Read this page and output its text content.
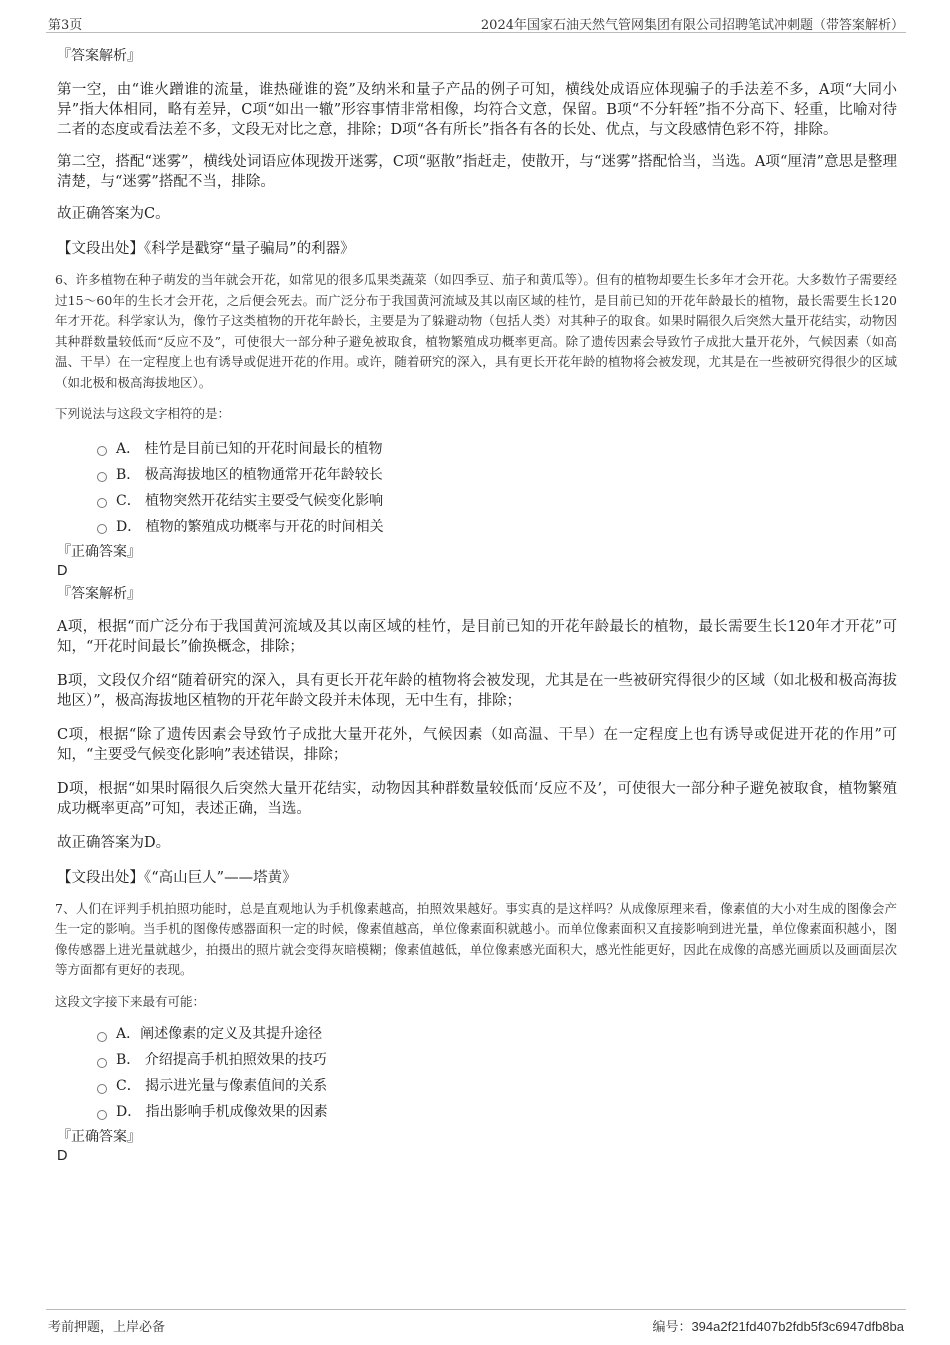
第3页	2024年国家石油天然气管网集团有限公司招聘笔试冲刺题（带答案解析）

『答案解析』

第一空，由“谁火蹭谁的流量，谁热碰谁的瓷”及纳米和量子产品的例子可知，横线处成语应体现骗子的手法差不多，A项“大同小异”指大体相同，略有差异，C项“如出一辙”形容事情非常相像，均符合文意，保留。B项“不分轩轾”指不分高下、轻重，比喻对待二者的态度或看法差不多，文段无对比之意，排除；D项“各有所长”指各有各的长处、优点，与文段感情色彩不符，排除。

第二空，搭配“迷雾”，横线处词语应体现拨开迷雾，C项“驱散”指赶走，使散开，与“迷雾”搭配恰当，当选。A项“厘清”意思是整理清楚，与“迷雾”搭配不当，排除。

故正确答案为C。

【文段出处】《科学是戳穿“量子骗局”的利器》

6、许多植物在种子萌发的当年就会开花，如常见的很多瓜果类蔬菜（如四季豆、茄子和黄瓜等）。但有的植物却要生长多年才会开花。大多数竹子需要经过15～60年的生长才会开花，之后便会死去。而广泛分布于我国黄河流域及其以南区域的桂竹，是目前已知的开花年龄最长的植物，最长需要生长120年才开花。科学家认为，像竹子这类植物的开花年龄长，主要是为了躲避动物（包括人类）对其种子的取食。如果时隔很久后突然大量开花结实，动物因其种群数量较低而“反应不及”，可使很大一部分种子避免被取食，植物繁殖成功概率更高。除了遗传因素会导致竹子成批大量开花外，气候因素（如高温、干旱）在一定程度上也有诱导或促进开花的作用。或许，随着研究的深入，具有更长开花年龄的植物将会被发现，尤其是在一些被研究得很少的区域（如北极和极高海拔地区）。

下列说法与这段文字相符的是：

A． 桂竹是目前已知的开花时间最长的植物
B． 极高海拔地区的植物通常开花年龄较长
C． 植物突然开花结实主要受气候变化影响
D． 植物的繁殖成功概率与开花的时间相关

『正确答案』

D

『答案解析』

A项，根据“而广泛分布于我国黄河流域及其以南区域的桂竹，是目前已知的开花年龄最长的植物，最长需要生长120年才开花”可知，“开花时间最长”偷换概念，排除；

B项，文段仅介绍“随着研究的深入，具有更长开花年龄的植物将会被发现，尤其是在一些被研究得很少的区域（如北极和极高海拔地区）”，极高海拔地区植物的开花年龄文段并未体现，无中生有，排除；

C项，根据“除了遗传因素会导致竹子成批大量开花外，气候因素（如高温、干旱）在一定程度上也有诱导或促进开花的作用”可知，“主要受气候变化影响”表述错误，排除；

D项，根据“如果时隔很久后突然大量开花结实，动物因其种群数量较低而‘反应不及’，可使很大一部分种子避免被取食，植物繁殖成功概率更高”可知，表述正确，当选。

故正确答案为D。

【文段出处】《“高山巨人”——塔黄》

7、人们在评判手机拍照功能时，总是直观地认为手机像素越高，拍照效果越好。事实真的是这样吗？从成像原理来看，像素值的大小对生成的图像会产生一定的影响。当手机的图像传感器面积一定的时候，像素值越高，单位像素面积就越小。而单位像素面积又直接影响到进光量，单位像素面积越小，图像传感器上进光量就越少，拍摄出的照片就会变得灰暗模糊；像素值越低，单位像素感光面积大，感光性能更好，因此在成像的高感光画质以及画面层次等方面都有更好的表现。

这段文字接下来最有可能：

A．阐述像素的定义及其提升途径
B． 介绍提高手机拍照效果的技巧
C． 揭示进光量与像素值间的关系
D． 指出影响手机成像效果的因素

『正确答案』

D

考前押题，上岸必备	编号：394a2f21fd407b2fdb5f3c6947dfb8ba
